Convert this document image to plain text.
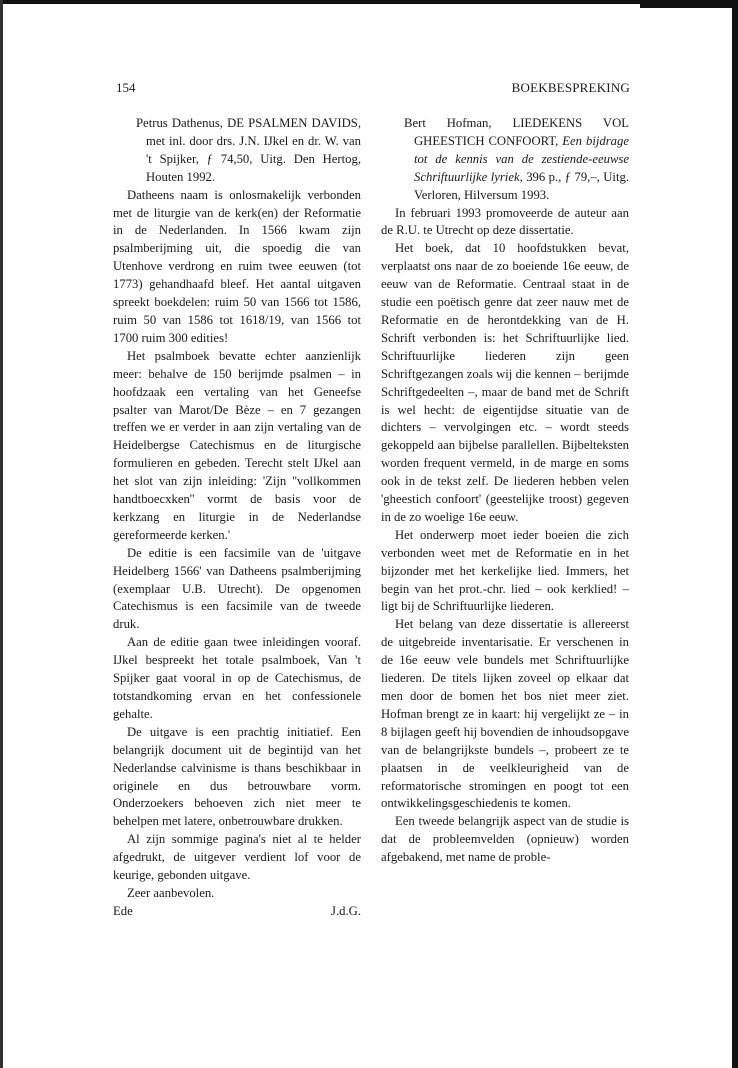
154	BOEKBESPREKING

Petrus Dathenus, DE PSALMEN DAVIDS, met inl. door drs. J.N. IJkel en dr. W. van 't Spijker, ƒ 74,50, Uitg. Den Hertog, Houten 1992.

Datheens naam is onlosmakelijk verbonden met de liturgie van de kerk(en) der Reformatie in de Nederlanden. In 1566 kwam zijn psalmberijming uit, die spoedig die van Utenhove verdrong en ruim twee eeuwen (tot 1773) gehandhaafd bleef. Het aantal uitgaven spreekt boekdelen: ruim 50 van 1566 tot 1586, ruim 50 van 1586 tot 1618/19, van 1566 tot 1700 ruim 300 edities!

Het psalmboek bevatte echter aanzienlijk meer: behalve de 150 berijmde psalmen – in hoofdzaak een vertaling van het Geneefse psalter van Marot/De Bèze – en 7 gezangen treffen we er verder in aan zijn vertaling van de Heidelbergse Catechismus en de liturgische formulieren en gebeden. Terecht stelt IJkel aan het slot van zijn inleiding: 'Zijn ''vollkommen handtboecxken'' vormt de basis voor de kerkzang en liturgie in de Nederlandse gereformeerde kerken.'

De editie is een facsimile van de 'uitgave Heidelberg 1566' van Datheens psalmberijming (exemplaar U.B. Utrecht). De opgenomen Catechismus is een facsimile van de tweede druk.

Aan de editie gaan twee inleidingen vooraf. IJkel bespreekt het totale psalmboek, Van 't Spijker gaat vooral in op de Catechismus, de totstandkoming ervan en het confessionele gehalte.

De uitgave is een prachtig initiatief. Een belangrijk document uit de begintijd van het Nederlandse calvinisme is thans beschikbaar in originele en dus betrouwbare vorm. Onderzoekers behoeven zich niet meer te behelpen met latere, onbetrouwbare drukken.

Al zijn sommige pagina's niet al te helder afgedrukt, de uitgever verdient lof voor de keurige, gebonden uitgave.

Zeer aanbevolen.

Ede	J.d.G.

Bert Hofman, LIEDEKENS VOL GHEESTICH CONFOORT, Een bijdrage tot de kennis van de zestiende-eeuwse Schriftuurlijke lyriek, 396 p., ƒ 79,–, Uitg. Verloren, Hilversum 1993.

In februari 1993 promoveerde de auteur aan de R.U. te Utrecht op deze dissertatie.

Het boek, dat 10 hoofdstukken bevat, verplaatst ons naar de zo boeiende 16e eeuw, de eeuw van de Reformatie. Centraal staat in de studie een poëtisch genre dat zeer nauw met de Reformatie en de herontdekking van de H. Schrift verbonden is: het Schriftuurlijke lied. Schriftuurlijke liederen zijn geen Schriftgezangen zoals wij die kennen – berijmde Schriftgedeelten –, maar de band met de Schrift is wel hecht: de eigentijdse situatie van de dichters – vervolgingen etc. – wordt steeds gekoppeld aan bijbelse parallellen. Bijbelteksten worden frequent vermeld, in de marge en soms ook in de tekst zelf. De liederen hebben velen 'gheestich confoort' (geestelijke troost) gegeven in de zo woelige 16e eeuw.

Het onderwerp moet ieder boeien die zich verbonden weet met de Reformatie en in het bijzonder met het kerkelijke lied. Immers, het begin van het prot.-chr. lied – ook kerklied! – ligt bij de Schriftuurlijke liederen.

Het belang van deze dissertatie is allereerst de uitgebreide inventarisatie. Er verschenen in de 16e eeuw vele bundels met Schriftuurlijke liederen. De titels lijken zoveel op elkaar dat men door de bomen het bos niet meer ziet. Hofman brengt ze in kaart: hij vergelijkt ze – in 8 bijlagen geeft hij bovendien de inhoudsopgave van de belangrijkste bundels –, probeert ze te plaatsen in de veelkleurigheid van de reformatorische stromingen en poogt tot een ontwikkelingsgeschiedenis te komen.

Een tweede belangrijk aspect van de studie is dat de probleemvelden (opnieuw) worden afgebakend, met name de proble-
